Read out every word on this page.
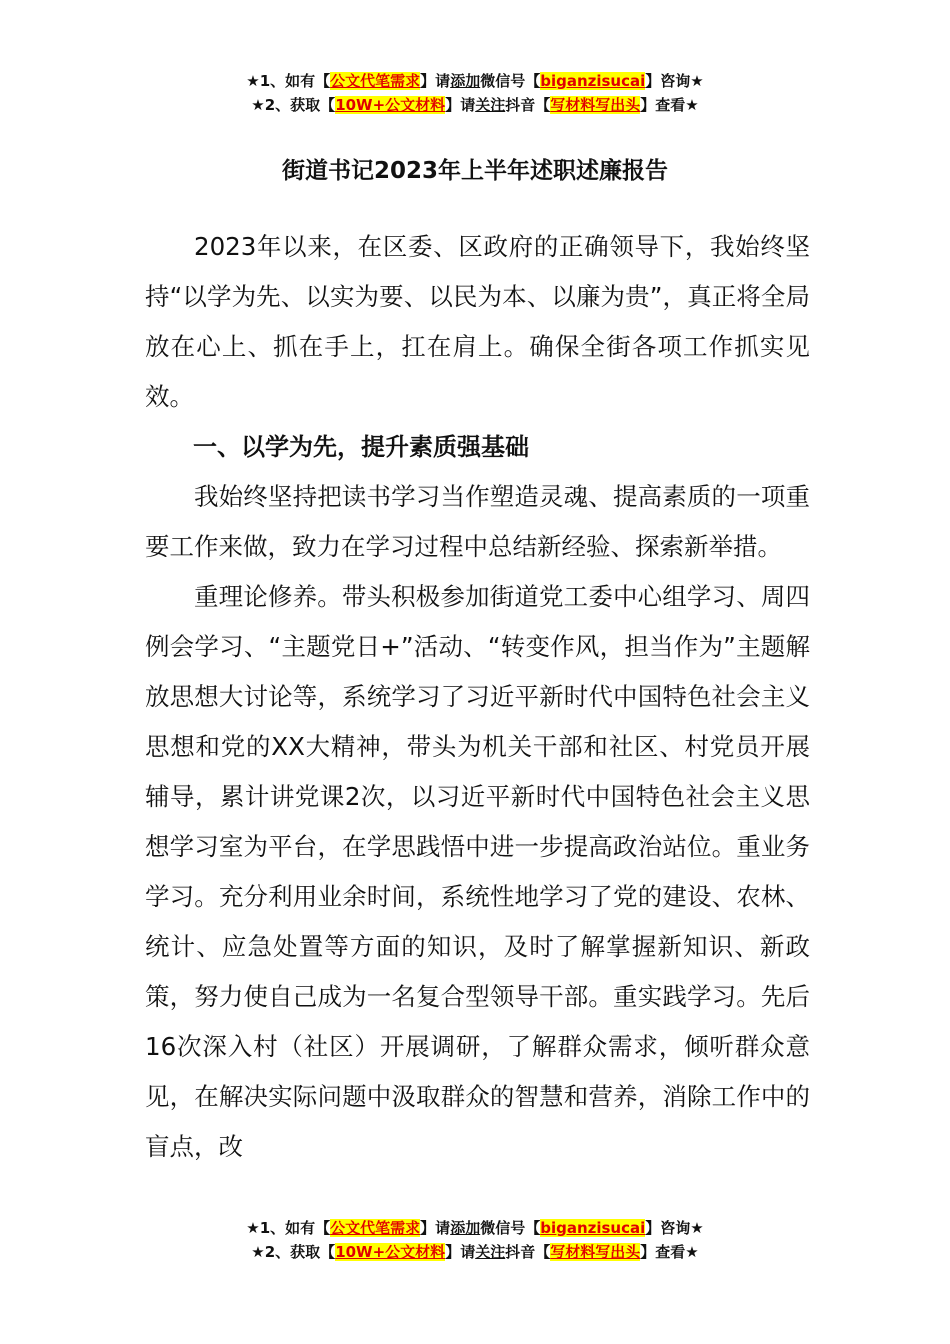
★1、如有【公文代笔需求】请添加微信号【biganzisucai】咨询★
★2、获取【10W+公文材料】请关注抖音【写材料写出头】查看★
街道书记2023年上半年述职述廉报告

2023年以来，在区委、区政府的正确领导下，我始终坚持“以学为先、以实为要、以民为本、以廉为贵”，真正将全局放在心上、抓在手上，扛在肩上。确保全街各项工作抓实见效。

一、以学为先，提升素质强基础

我始终坚持把读书学习当作塑造灵魂、提高素质的一项重要工作来做，致力在学习过程中总结新经验、探索新举措。

重理论修养。带头积极参加街道党工委中心组学习、周四例会学习、“主题党日+”活动、“转变作风，担当作为”主题解放思想大讨论等，系统学习了习近平新时代中国特色社会主义思想和党的XX大精神，带头为机关干部和社区、村党员开展辅导，累计讲党课2次，以习近平新时代中国特色社会主义思想学习室为平台，在学思践悟中进一步提高政治站位。重业务学习。充分利用业余时间，系统性地学习了党的建设、农林、统计、应急处置等方面的知识，及时了解掌握新知识、新政策，努力使自己成为一名复合型领导干部。重实践学习。先后16次深入村（社区）开展调研，了解群众需求，倾听群众意见，在解决实际问题中汲取群众的智慧和营养，消除工作中的盲点，改

★1、如有【公文代笔需求】请添加微信号【biganzisucai】咨询★
★2、获取【10W+公文材料】请关注抖音【写材料写出头】查看★
